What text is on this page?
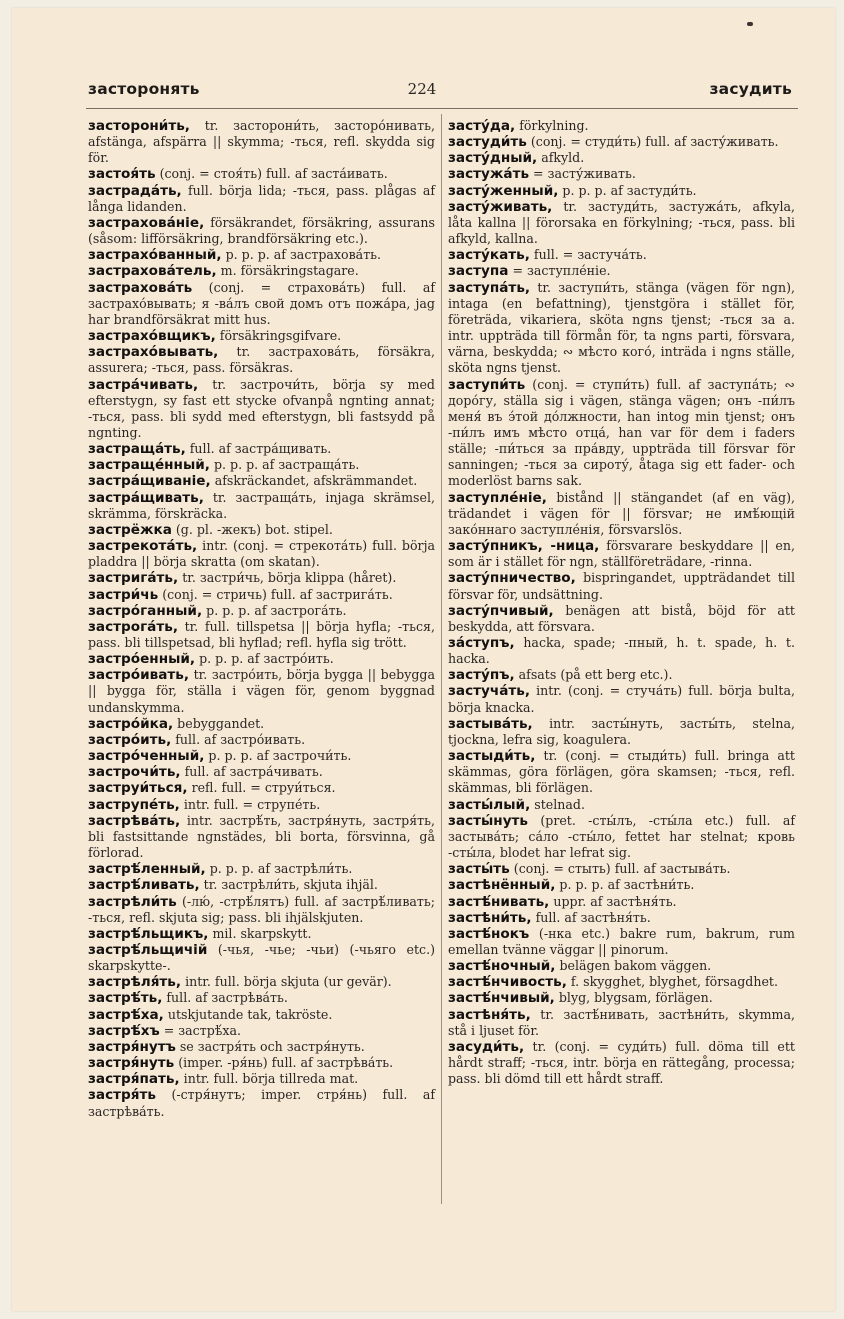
засторонять	224	засудить

засторони́ть, tr. засторони́ть, засторо́нивать, afstänga, afspärra || skymma; -ться, refl. skydda sig för.

застоя́ть (conj. = стоя́ть) full. af заста́ивать.

застрада́ть, full. börja lida; -ться, pass. plågas af långa lidanden.

застрахова́ніе, försäkrandet, försäkring, assurans (såsom: lifförsäkring, brandförsäkring etc.).

застрахо́ванный, p. p. p. af застрахова́ть.

застрахова́тель, m. försäkringstagare.

застрахова́ть (conj. = страхова́ть) full. af застрахо́вывать; я -ва́лъ свой домъ отъ пожа́ра, jag har brandförsäkrat mitt hus.

застрахо́вщикъ, försäkringsgifvare.

застрахо́вывать, tr. застрахова́ть, försäkra, assurera; -ться, pass. försäkras.

застра́чивать, tr. застрочи́ть, börja sy med efterstygn, sy fast ett stycke ofvanpå ngnting annat; -ться, pass. bli sydd med efterstygn, bli fastsydd på ngnting.

застраща́ть, full. af застра́щивать.

застраще́нный, p. p. p. af застраща́ть.

застра́щиваніе, afskräckandet, afskrämmandet.

застра́щивать, tr. застраща́ть, injaga skrämsel, skrämma, förskräcka.

застрёжка (g. pl. -жекъ) bot. stipel.

застрекота́ть, intr. (conj. = стрекота́ть) full. börja pladdra || börja skratta (om skatan).

застрига́ть, tr. застри́чь, börja klippa (håret).

застри́чь (conj. = стричь) full. af застрига́ть.

застро́ганный, p. p. p. af застрога́ть.

застрога́ть, tr. full. tillspetsa || börja hyfla; -ться, pass. bli tillspetsad, bli hyflad; refl. hyfla sig trött.

застро́енный, p. p. p. af застро́ить.

застро́ивать, tr. застро́ить, börja bygga || bebygga || bygga för, ställa i vägen för, genom byggnad undanskymma.

застро́йка, bebyggandet.

застро́ить, full. af застро́ивать.

застро́ченный, p. p. p. af застрочи́ть.

застрочи́ть, full. af застра́чивать.

заструи́ться, refl. full. = струи́ться.

заструпе́ть, intr. full. = струпе́ть.

застрѣва́ть, intr. застрѣ́ть, застря́нуть, застря́ть, bli fastsittande ngnstädes, bli borta, försvinna, gå förlorad.

застрѣ́ленный, p. p. p. af застрѣли́ть.

застрѣ́ливать, tr. застрѣли́ть, skjuta ihjäl.

застрѣли́ть (-лю́, -стрѣ́лятъ) full. af застрѣ́ливать; -ться, refl. skjuta sig; pass. bli ihjälskjuten.

застрѣ́льщикъ, mil. skarpskytt.

застрѣ́льщичій (-чья, -чье; -чьи) (-чьяго etc.) skarpskytte-.

застрѣля́ть, intr. full. börja skjuta (ur gevär).

застрѣ́ть, full. af застрѣва́ть.

застрѣ́ха, utskjutande tak, takröste.

застрѣ́хъ = застрѣ́ха.

застря́нутъ se застря́ть och застря́нуть.

застря́нуть (imper. -ря́нь) full. af застрѣва́ть.

застря́пать, intr. full. börja tillreda mat.

застря́ть (-стря́нутъ; imper. стря́нь) full. af застрѣва́ть.

засту́да, förkylning.

застуди́ть (conj. = студи́ть) full. af засту́живать.

засту́дный, afkyld.

застужа́ть = засту́живать.

засту́женный, p. p. p. af застуди́ть.

засту́живать, tr. застуди́ть, застужа́ть, afkyla, låta kallna || förorsaka en förkylning; -ться, pass. bli afkyld, kallna.

засту́кать, full. = застуча́ть.

заступа = заступле́ніе.

заступа́ть, tr. заступи́ть, stänga (vägen för ngn), intaga (en befattning), tjenstgöra i stället för, företräda, vikariera, sköta ngns tjenst; -ться за a. intr. uppträda till förmån för, ta ngns parti, försvara, värna, beskydda; ∾ мѣсто кого́, inträda i ngns ställe, sköta ngns tjenst.

заступи́ть (conj. = ступи́ть) full. af заступа́ть; ∾ доро́гу, ställa sig i vägen, stänga vägen; онъ -пи́лъ меня́ въ э́той до́лжности, han intog min tjenst; онъ -пи́лъ имъ мѣсто отца́, han var för dem i faders ställe; -пи́ться за пра́вду, uppträda till försvar för sanningen; -ться за сироту́, åtaga sig ett fader- och moderlöst barns sak.

заступле́ніе, bistånd || stängandet (af en väg), trädandet i vägen för || försvar; не имѣ́ющій зако́ннаго заступле́нія, försvarslös.

засту́пникъ, -ница, försvarare beskyddare || en, som är i stället för ngn, ställföreträdare, -rinna.

засту́пничество, bispringandet, uppträdandet till försvar för, undsättning.

засту́пчивый, benägen att bistå, böjd för att beskydda, att försvara.

за́ступъ, hacka, spade; -пный, h. t. spade, h. t. hacka.

засту́пъ, afsats (på ett berg etc.).

застуча́ть, intr. (conj. = стуча́ть) full. börja bulta, börja knacka.

застыва́ть, intr. засты́нуть, засты́ть, stelna, tjockna, lefra sig, koagulera.

застыди́ть, tr. (conj. = стыди́ть) full. bringa att skämmas, göra förlägen, göra skamsen; -ться, refl. skämmas, bli förlägen.

засты́лый, stelnad.

засты́нуть (pret. -сты́лъ, -сты́ла etc.) full. af застыва́ть; са́ло -сты́ло, fettet har stelnat; кровь -сты́ла, blodet har lefrat sig.

засты́ть (conj. = стыть) full. af застыва́ть.

застѣнённый, p. p. p. af застѣни́ть.

застѣ́нивать, uppr. af застѣня́ть.

застѣни́ть, full. af застѣня́ть.

застѣ́нокъ (-нка etc.) bakre rum, bakrum, rum emellan tvänne väggar || pinorum.

застѣ́ночный, belägen bakom väggen.

застѣ́нчивость, f. skygghet, blyghet, försagdhet.

застѣ́нчивый, blyg, blygsam, förlägen.

застѣня́ть, tr. застѣ́нивать, застѣни́ть, skymma, stå i ljuset för.

засуди́ть, tr. (conj. = суди́ть) full. döma till ett hårdt straff; -ться, intr. börja en rättegång, processa; pass. bli dömd till ett hårdt straff.
